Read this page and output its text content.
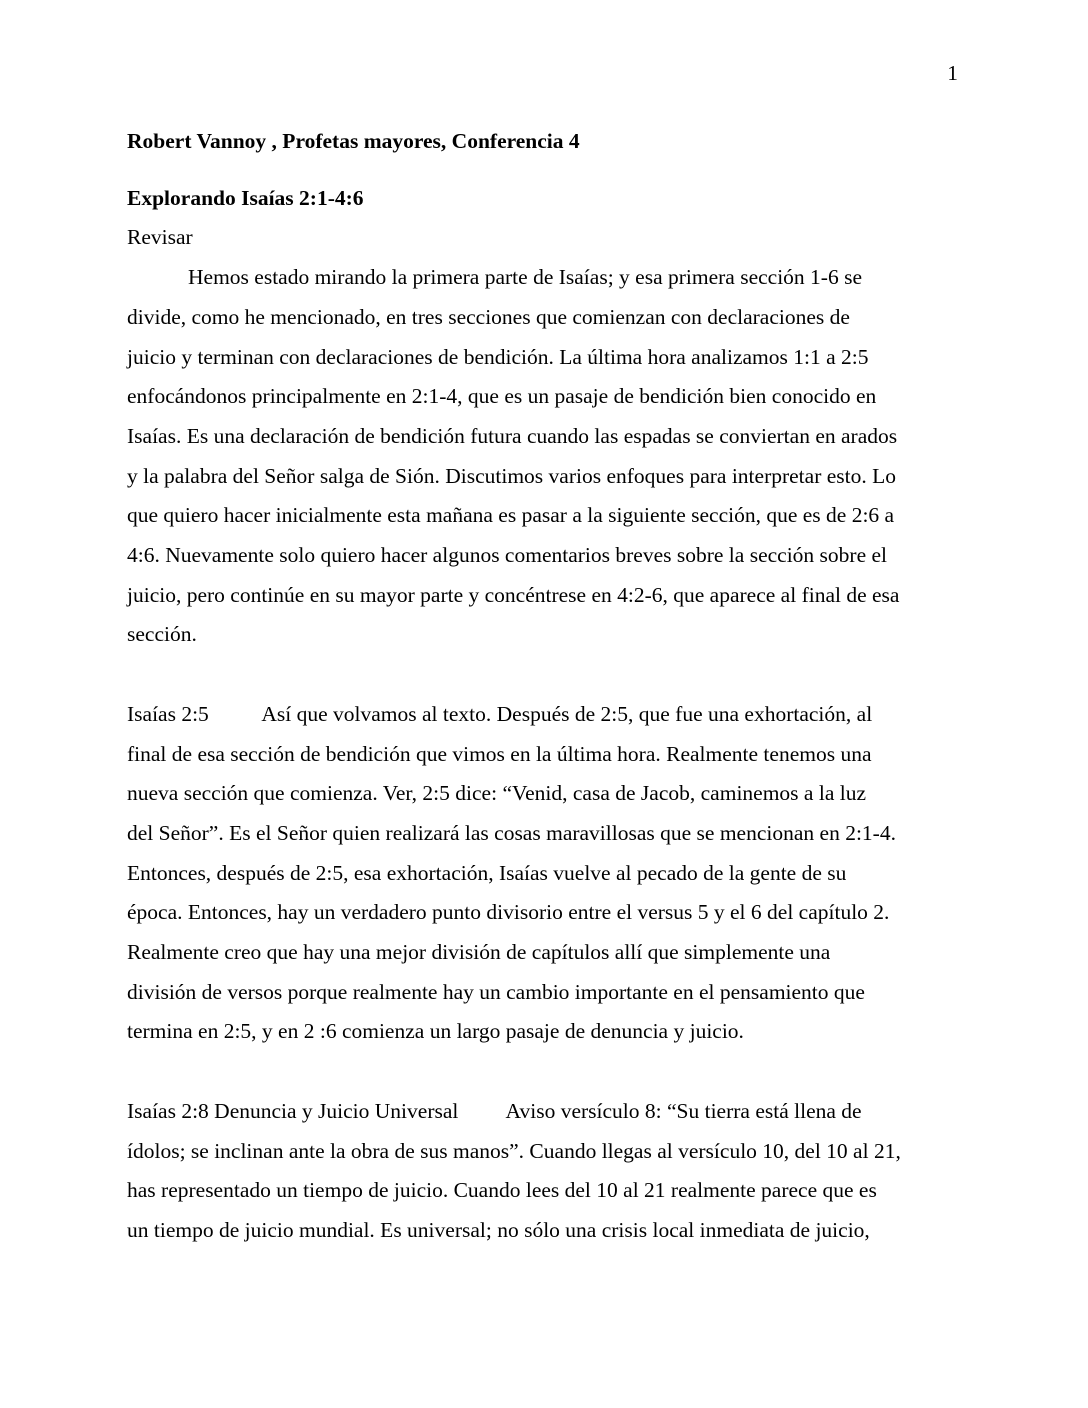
1

Robert Vannoy , Profetas mayores, Conferencia 4

Explorando Isaías 2:1-4:6

Revisar

Hemos estado mirando la primera parte de Isaías; y esa primera sección 1-6 se
divide, como he mencionado, en tres secciones que comienzan con declaraciones de
juicio y terminan con declaraciones de bendición. La última hora analizamos 1:1 a 2:5
enfocándonos principalmente en 2:1-4, que es un pasaje de bendición bien conocido en
Isaías. Es una declaración de bendición futura cuando las espadas se conviertan en arados
y la palabra del Señor salga de Sión. Discutimos varios enfoques para interpretar esto. Lo
que quiero hacer inicialmente esta mañana es pasar a la siguiente sección, que es de 2:6 a
4:6. Nuevamente solo quiero hacer algunos comentarios breves sobre la sección sobre el
juicio, pero continúe en su mayor parte y concéntrese en 4:2-6, que aparece al final de esa
sección.
Isaías 2:5          Así que volvamos al texto. Después de 2:5, que fue una exhortación, al
final de esa sección de bendición que vimos en la última hora. Realmente tenemos una
nueva sección que comienza. Ver, 2:5 dice: “Venid, casa de Jacob, caminemos a la luz
del Señor”. Es el Señor quien realizará las cosas maravillosas que se mencionan en 2:1-4.
Entonces, después de 2:5, esa exhortación, Isaías vuelve al pecado de la gente de su
época. Entonces, hay un verdadero punto divisorio entre el versus 5 y el 6 del capítulo 2.
Realmente creo que hay una mejor división de capítulos allí que simplemente una
división de versos porque realmente hay un cambio importante en el pensamiento que
termina en 2:5, y en 2 :6 comienza un largo pasaje de denuncia y juicio.
Isaías 2:8 Denuncia y Juicio Universal         Aviso versículo 8: “Su tierra está llena de
ídolos; se inclinan ante la obra de sus manos”. Cuando llegas al versículo 10, del 10 al 21,
has representado un tiempo de juicio. Cuando lees del 10 al 21 realmente parece que es
un tiempo de juicio mundial. Es universal; no sólo una crisis local inmediata de juicio,
